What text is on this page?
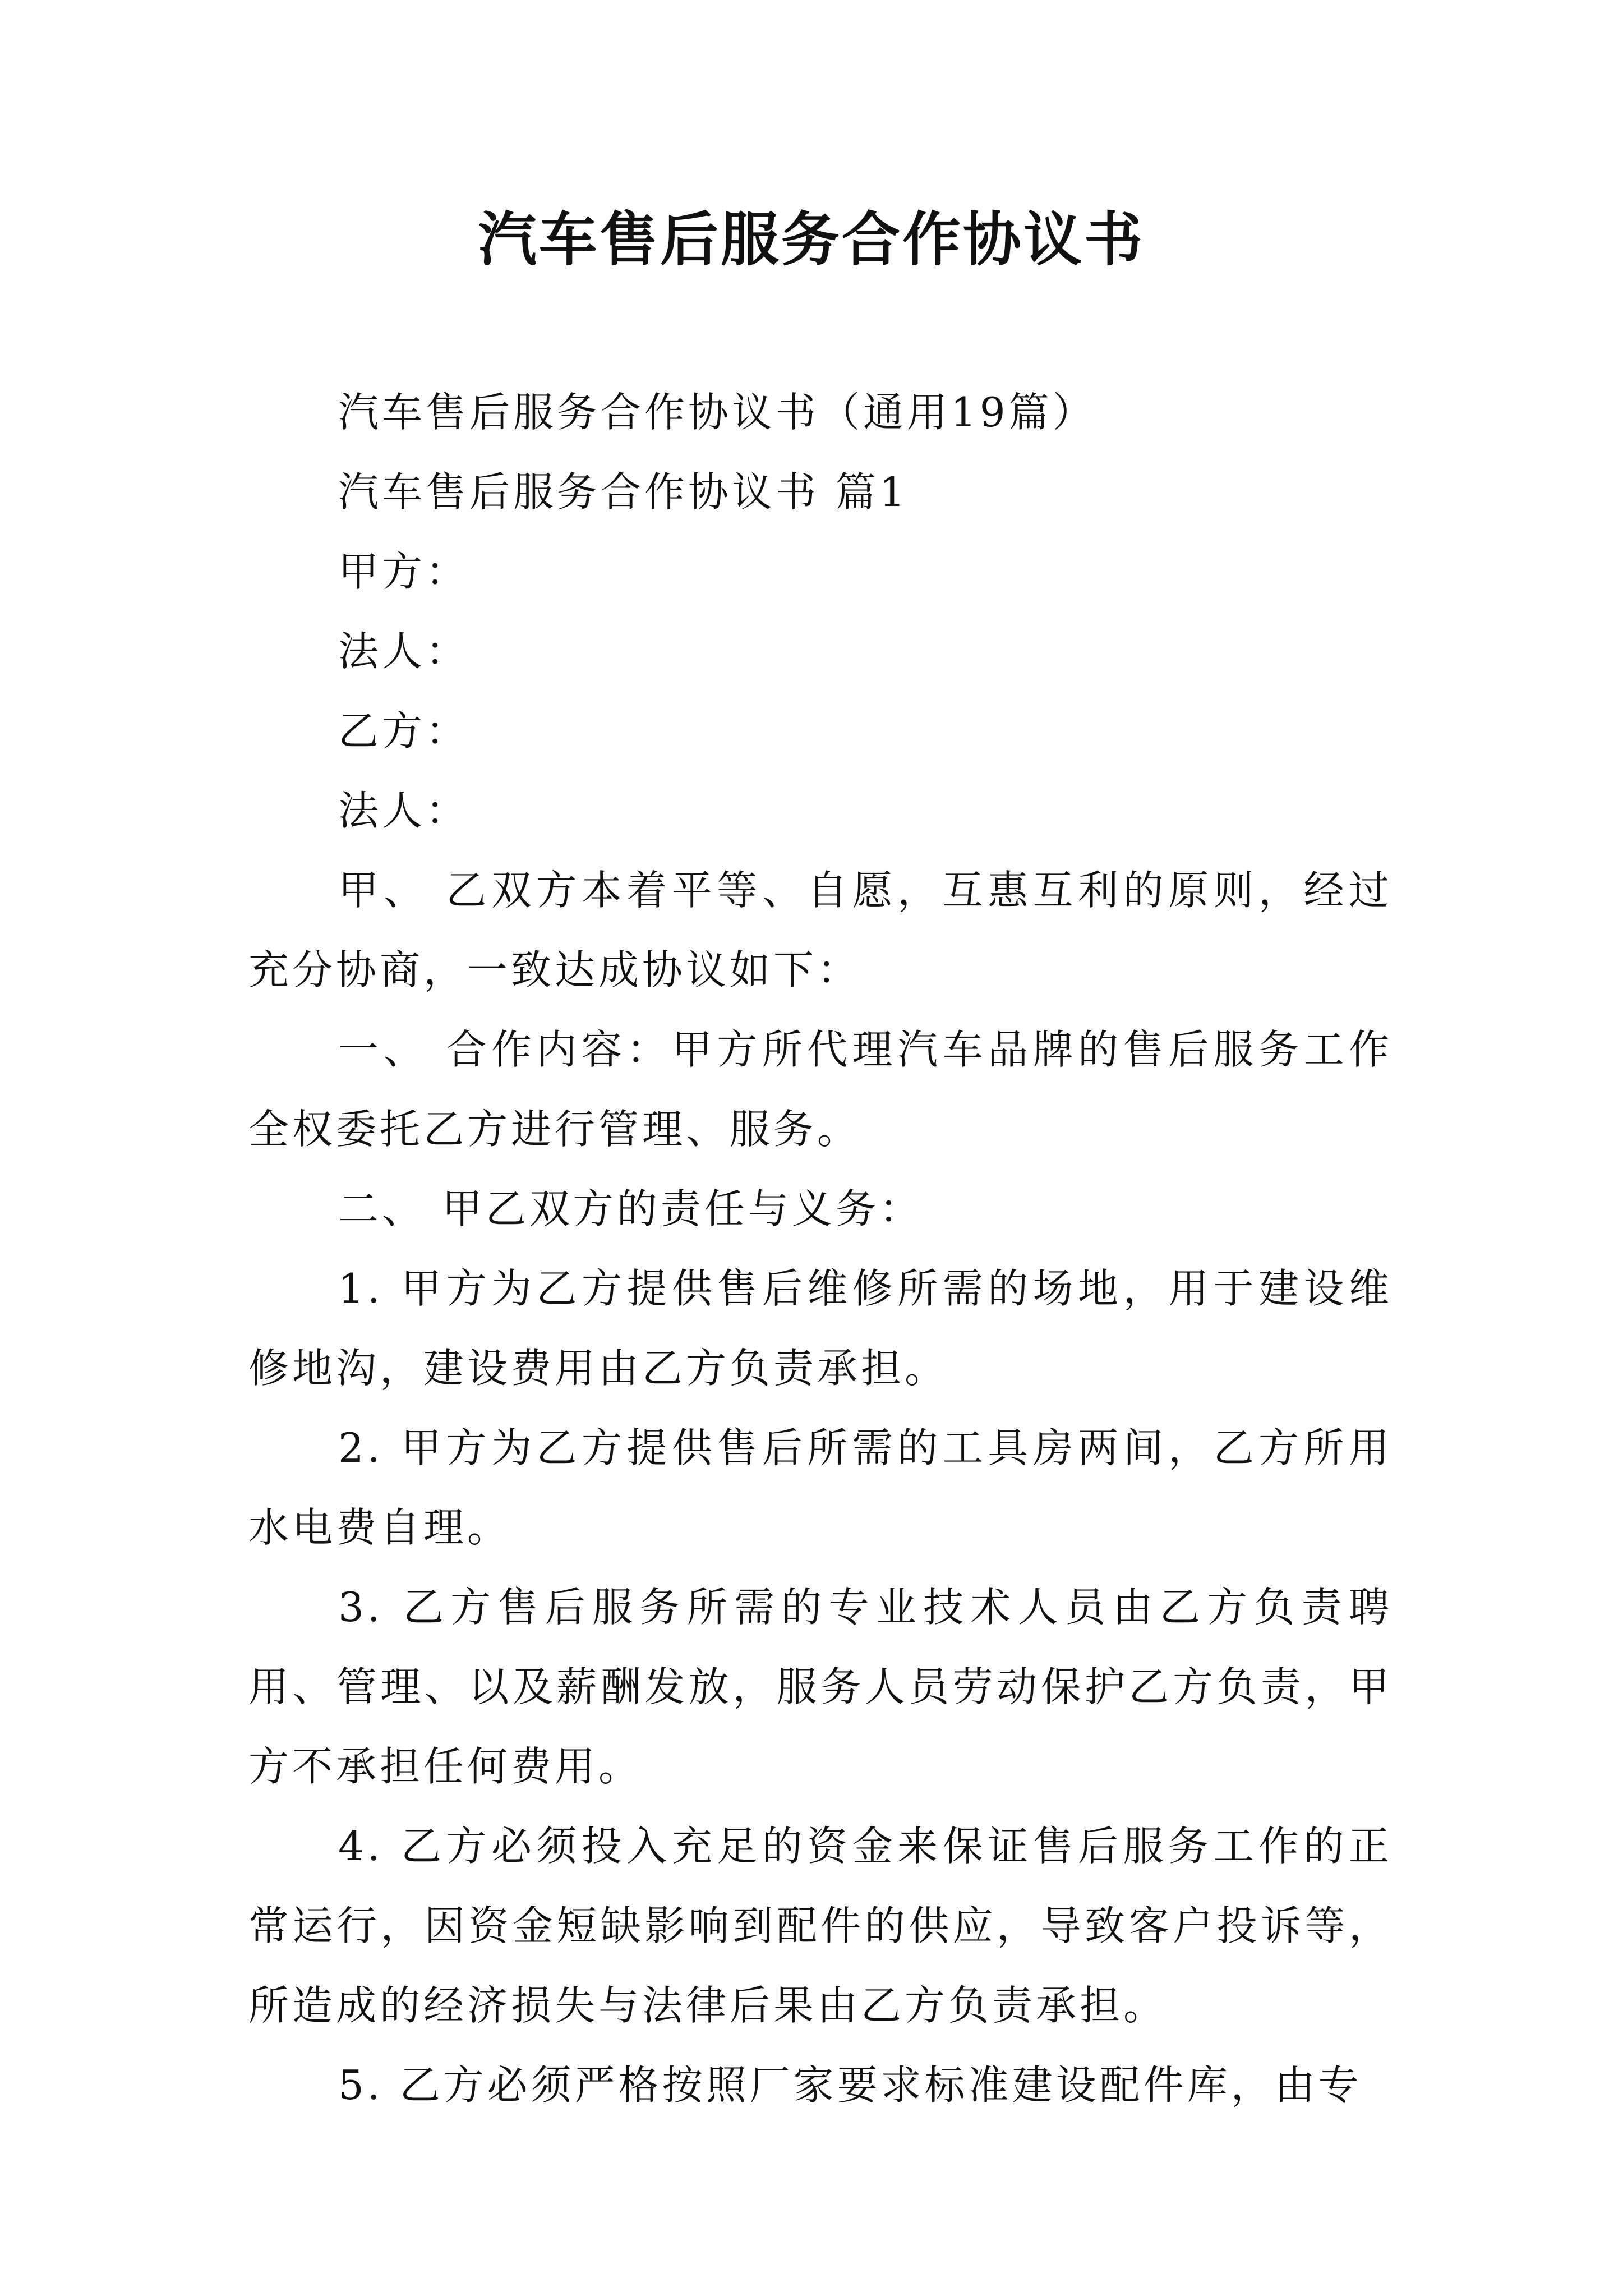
汽车售后服务合作协议书

汽车售后服务合作协议书（通用19篇）

汽车售后服务合作协议书 篇1

甲方：

法人：

乙方：

法人：

甲、 乙双方本着平等、自愿，互惠互利的原则，经过充分协商，一致达成协议如下：

一、 合作内容：甲方所代理汽车品牌的售后服务工作全权委托乙方进行管理、服务。

二、 甲乙双方的责任与义务：

1. 甲方为乙方提供售后维修所需的场地，用于建设维修地沟，建设费用由乙方负责承担。

2. 甲方为乙方提供售后所需的工具房两间，乙方所用水电费自理。

3. 乙方售后服务所需的专业技术人员由乙方负责聘用、管理、以及薪酬发放，服务人员劳动保护乙方负责，甲方不承担任何费用。

4. 乙方必须投入充足的资金来保证售后服务工作的正常运行，因资金短缺影响到配件的供应，导致客户投诉等，所造成的经济损失与法律后果由乙方负责承担。

5. 乙方必须严格按照厂家要求标准建设配件库，由专
